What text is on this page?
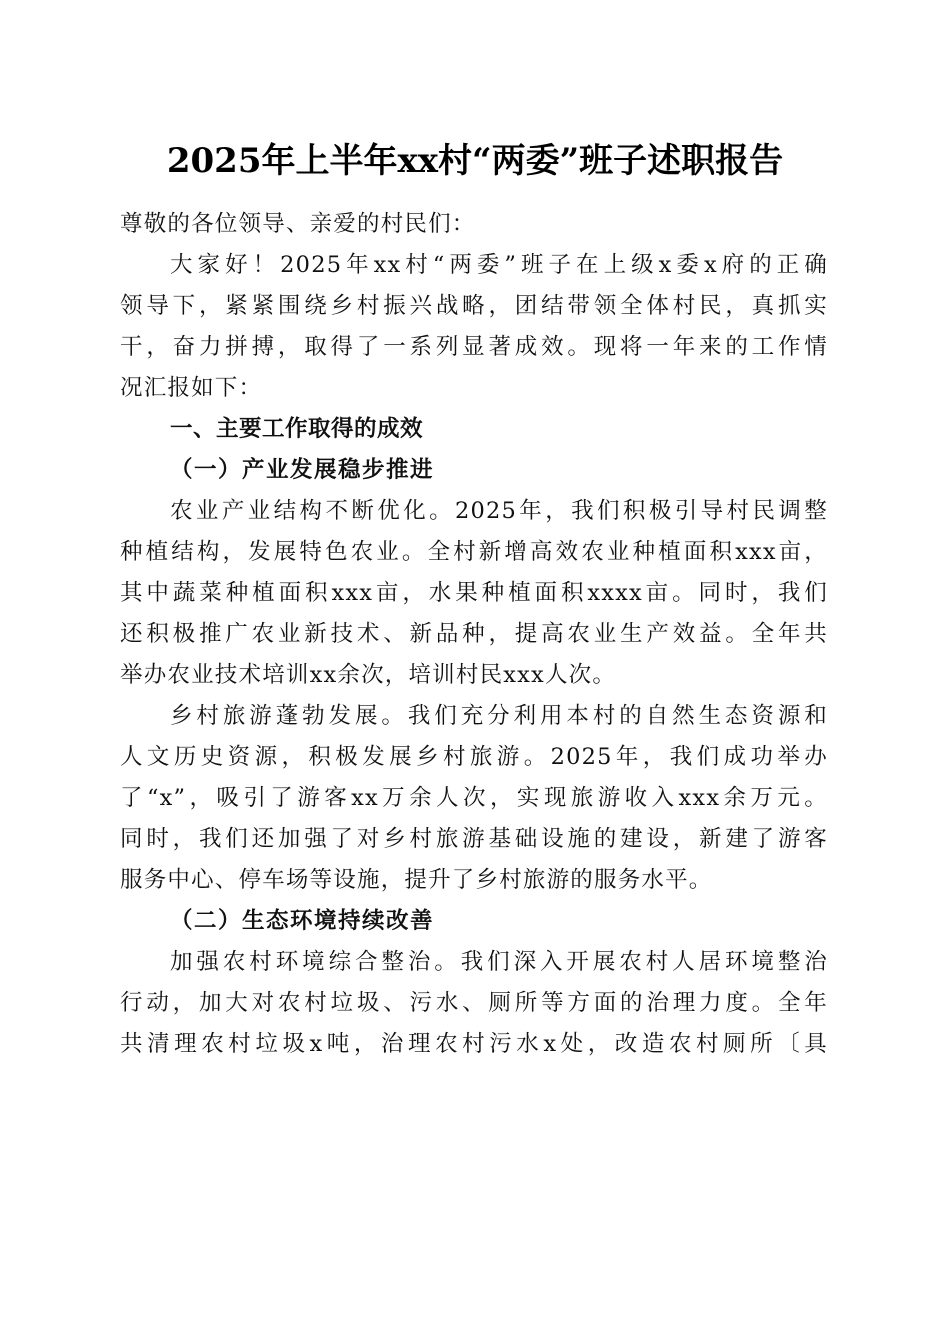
2025年上半年xx村“两委”班子述职报告
尊敬的各位领导、亲爱的村民们：
大家好！2025年xx村“两委”班子在上级x委x府的正确
领导下，紧紧围绕乡村振兴战略，团结带领全体村民，真抓实
干，奋力拼搏，取得了一系列显著成效。现将一年来的工作情
况汇报如下：
一、主要工作取得的成效
（一）产业发展稳步推进
农业产业结构不断优化。2025年，我们积极引导村民调整
种植结构，发展特色农业。全村新增高效农业种植面积xxx亩，
其中蔬菜种植面积xxx亩，水果种植面积xxxx亩。同时，我们
还积极推广农业新技术、新品种，提高农业生产效益。全年共
举办农业技术培训xx余次，培训村民xxx人次。
乡村旅游蓬勃发展。我们充分利用本村的自然生态资源和
人文历史资源，积极发展乡村旅游。2025年，我们成功举办
了“x”，吸引了游客xx万余人次，实现旅游收入xxx余万元。
同时，我们还加强了对乡村旅游基础设施的建设，新建了游客
服务中心、停车场等设施，提升了乡村旅游的服务水平。
（二）生态环境持续改善
加强农村环境综合整治。我们深入开展农村人居环境整治
行动，加大对农村垃圾、污水、厕所等方面的治理力度。全年
共清理农村垃圾x吨，治理农村污水x处，改造农村厕所〔具
